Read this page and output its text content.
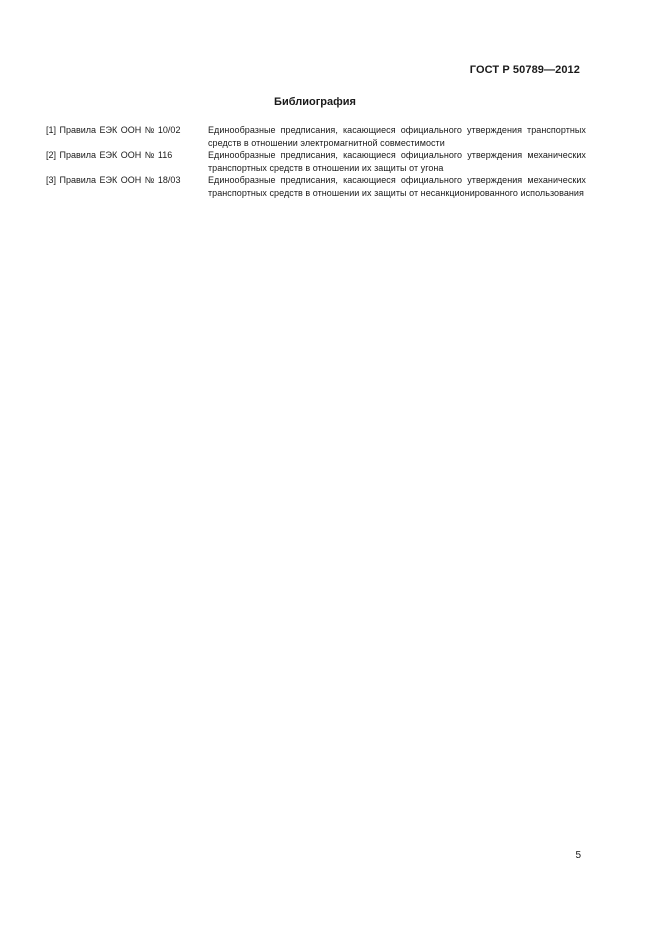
ГОСТ Р 50789—2012
Библиография
[1] Правила ЕЭК ООН № 10/02	Единообразные предписания, касающиеся официального утверждения транспортных средств в отношении электромагнитной совместимости
[2] Правила ЕЭК ООН № 116	Единообразные предписания, касающиеся официального утверждения механических транспортных средств в отношении их защиты от угона
[3] Правила ЕЭК ООН № 18/03	Единообразные предписания, касающиеся официального утверждения механических транспортных средств в отношении их защиты от несанкционированного использования
5
